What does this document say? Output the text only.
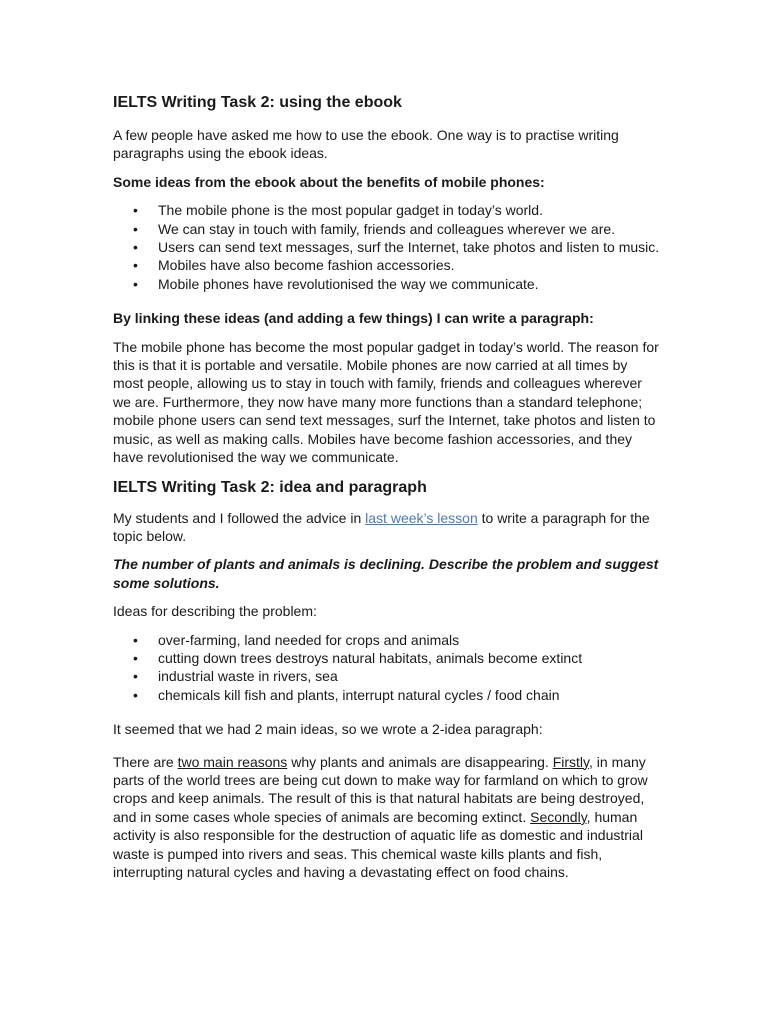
IELTS Writing Task 2: using the ebook

A few people have asked me how to use the ebook. One way is to practise writing paragraphs using the ebook ideas.

Some ideas from the ebook about the benefits of mobile phones:

• The mobile phone is the most popular gadget in today’s world.
• We can stay in touch with family, friends and colleagues wherever we are.
• Users can send text messages, surf the Internet, take photos and listen to music.
• Mobiles have also become fashion accessories.
• Mobile phones have revolutionised the way we communicate.

By linking these ideas (and adding a few things) I can write a paragraph:

The mobile phone has become the most popular gadget in today’s world. The reason for this is that it is portable and versatile. Mobile phones are now carried at all times by most people, allowing us to stay in touch with family, friends and colleagues wherever we are. Furthermore, they now have many more functions than a standard telephone; mobile phone users can send text messages, surf the Internet, take photos and listen to music, as well as making calls. Mobiles have become fashion accessories, and they have revolutionised the way we communicate.

IELTS Writing Task 2: idea and paragraph

My students and I followed the advice in last week’s lesson to write a paragraph for the topic below.

The number of plants and animals is declining. Describe the problem and suggest some solutions.

Ideas for describing the problem:

• over-farming, land needed for crops and animals
• cutting down trees destroys natural habitats, animals become extinct
• industrial waste in rivers, sea
• chemicals kill fish and plants, interrupt natural cycles / food chain

It seemed that we had 2 main ideas, so we wrote a 2-idea paragraph:

There are two main reasons why plants and animals are disappearing. Firstly, in many parts of the world trees are being cut down to make way for farmland on which to grow crops and keep animals. The result of this is that natural habitats are being destroyed, and in some cases whole species of animals are becoming extinct. Secondly, human activity is also responsible for the destruction of aquatic life as domestic and industrial waste is pumped into rivers and seas. This chemical waste kills plants and fish, interrupting natural cycles and having a devastating effect on food chains.
